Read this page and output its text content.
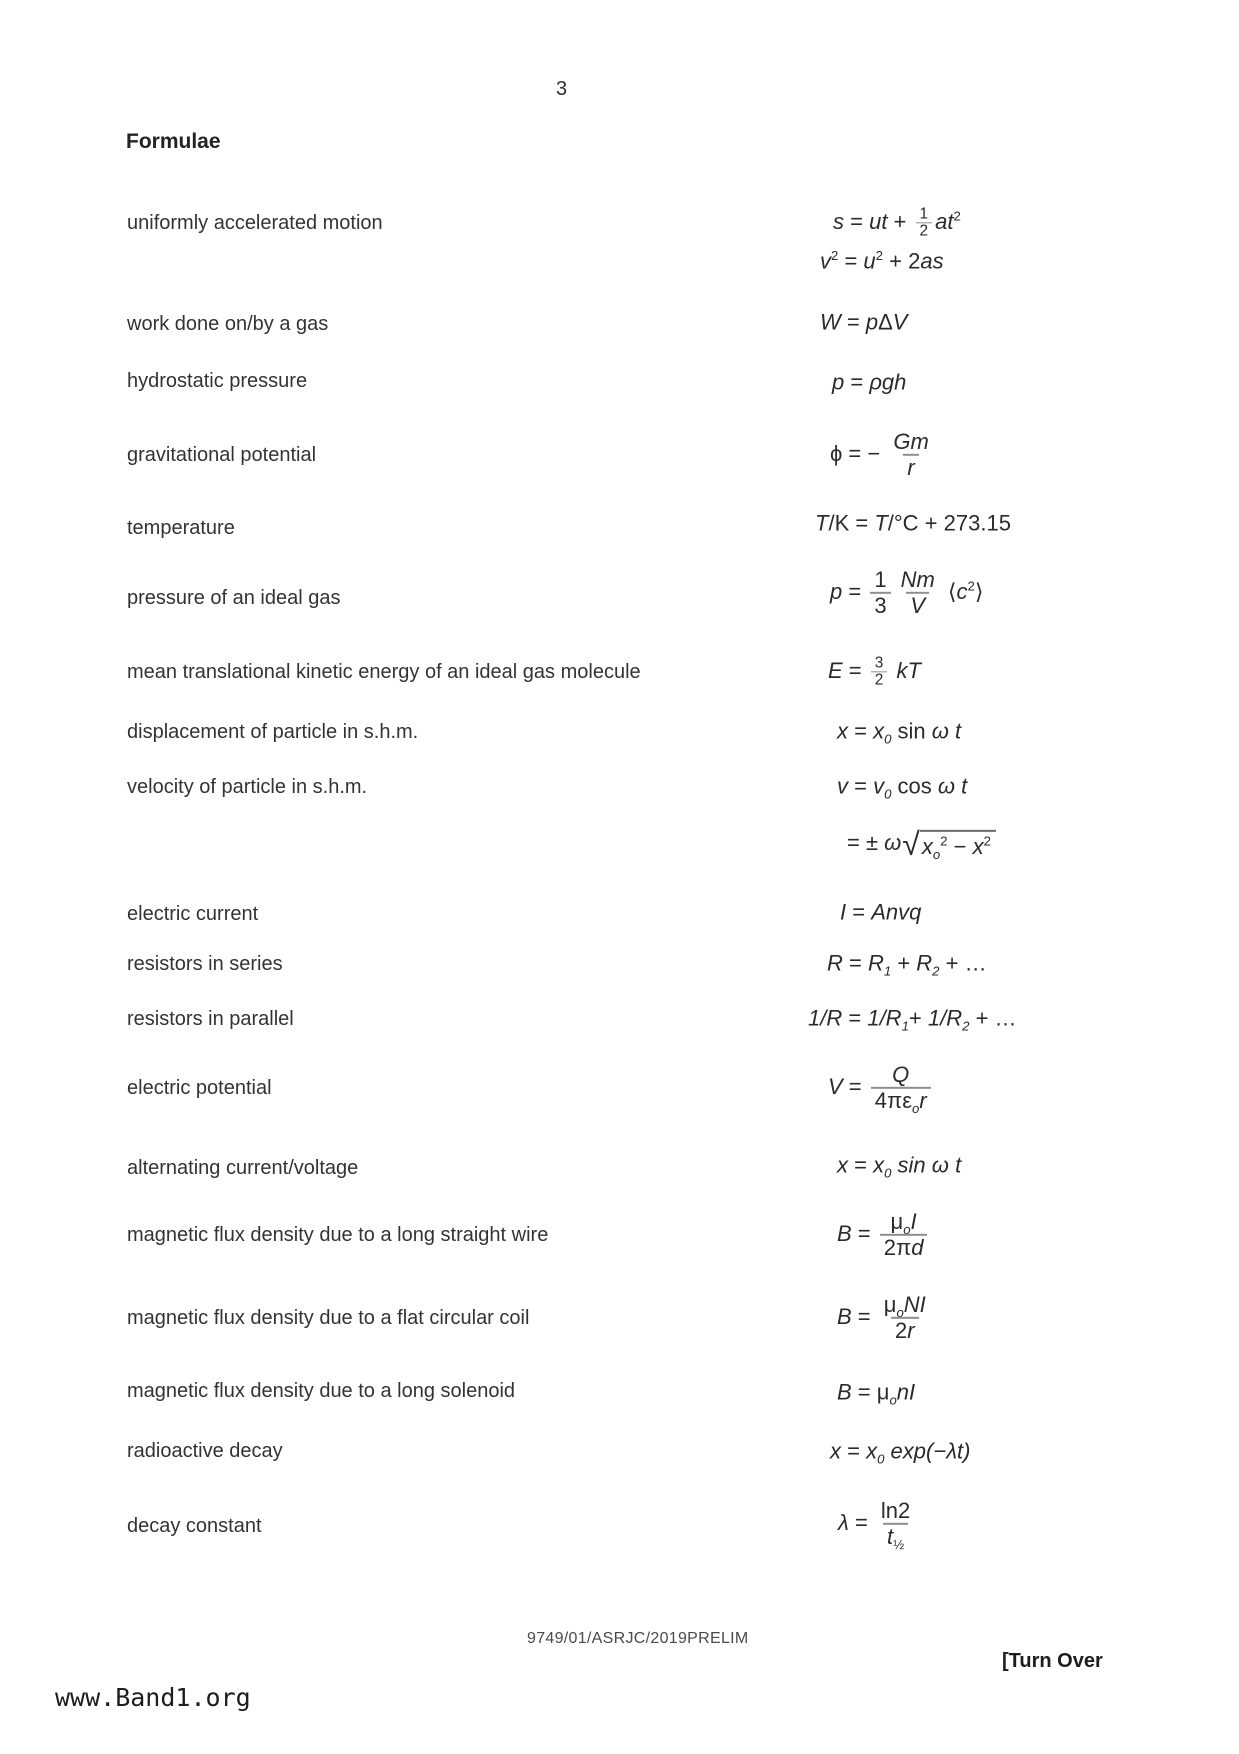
3
Formulae
uniformly accelerated motion
work done on/by a gas
hydrostatic pressure
gravitational potential
temperature
pressure of an ideal gas
mean translational kinetic energy of an ideal gas molecule
displacement of particle in s.h.m.
velocity of particle in s.h.m.
electric current
resistors in series
resistors in parallel
electric potential
alternating current/voltage
magnetic flux density due to a long straight wire
magnetic flux density due to a flat circular coil
magnetic flux density due to a long solenoid
radioactive decay
decay constant
s = ut + $\frac{1}{2} at^2$
$v^2 = u^2 + 2as$
W = pΔV
p = ρgh
ϕ = − $\frac{Gm}{r}$
T/K = T/°C + 273.15
$p = \frac{1}{3} \frac{Nm}{V}$ $⟨c^2⟩$
$E = \frac{3}{2}$ kT
$x = x_0$ sin ω t
$v = v_0$ cos ω t
= ± ω √ $x_o^2 - x^2$
I = Anvq
$R = R_1 + R_2$ + …
$1/R = 1/R_1+ 1/R_2$ + …
$V = \frac{Q}{4\pi\varepsilon_or}$
$x = x_0$ sin ω t
$B = \frac{\mu_oI}{2\pi d}$
$B = \frac{\mu_oNI}{2r}$
$B = \mu_onI$
$x = x_0$ exp(−λt)
$\lambda = \frac{\ln 2}{t_{\frac{1}{2}}}$
9749/01/ASRJC/2019PRELIM
[Turn Over
www.Band1.org
